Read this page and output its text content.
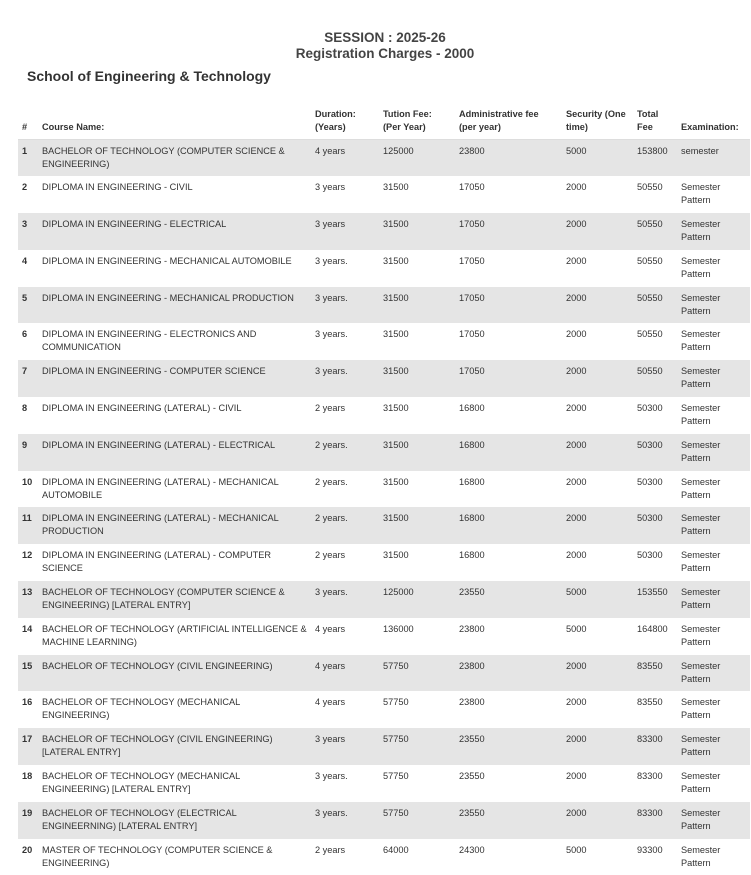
SESSION : 2025-26
Registration Charges - 2000
School of Engineering & Technology
#	Course Name:	Duration: (Years)	Tution Fee: (Per Year)	Administrative fee (per year)	Security (One time)	Total Fee	Examination:
1	BACHELOR OF TECHNOLOGY (COMPUTER SCIENCE & ENGINEERING)	4 years	125000	23800	5000	153800	semester
2	DIPLOMA IN ENGINEERING - CIVIL	3 years	31500	17050	2000	50550	Semester Pattern
3	DIPLOMA IN ENGINEERING - ELECTRICAL	3 years	31500	17050	2000	50550	Semester Pattern
4	DIPLOMA IN ENGINEERING - MECHANICAL AUTOMOBILE	3 years.	31500	17050	2000	50550	Semester Pattern
5	DIPLOMA IN ENGINEERING - MECHANICAL PRODUCTION	3 years.	31500	17050	2000	50550	Semester Pattern
6	DIPLOMA IN ENGINEERING - ELECTRONICS AND COMMUNICATION	3 years.	31500	17050	2000	50550	Semester Pattern
7	DIPLOMA IN ENGINEERING - COMPUTER SCIENCE	3 years.	31500	17050	2000	50550	Semester Pattern
8	DIPLOMA IN ENGINEERING (LATERAL) - CIVIL	2 years	31500	16800	2000	50300	Semester Pattern
9	DIPLOMA IN ENGINEERING (LATERAL) - ELECTRICAL	2 years.	31500	16800	2000	50300	Semester Pattern
10	DIPLOMA IN ENGINEERING (LATERAL) - MECHANICAL AUTOMOBILE	2 years.	31500	16800	2000	50300	Semester Pattern
11	DIPLOMA IN ENGINEERING (LATERAL) - MECHANICAL PRODUCTION	2 years.	31500	16800	2000	50300	Semester Pattern
12	DIPLOMA IN ENGINEERING (LATERAL) - COMPUTER SCIENCE	2 years	31500	16800	2000	50300	Semester Pattern
13	BACHELOR OF TECHNOLOGY (COMPUTER SCIENCE & ENGINEERING) [LATERAL ENTRY]	3 years.	125000	23550	5000	153550	Semester Pattern
14	BACHELOR OF TECHNOLOGY (ARTIFICIAL INTELLIGENCE & MACHINE LEARNING)	4 years	136000	23800	5000	164800	Semester Pattern
15	BACHELOR OF TECHNOLOGY (CIVIL ENGINEERING)	4 years	57750	23800	2000	83550	Semester Pattern
16	BACHELOR OF TECHNOLOGY (MECHANICAL ENGINEERING)	4 years	57750	23800	2000	83550	Semester Pattern
17	BACHELOR OF TECHNOLOGY (CIVIL ENGINEERING) [LATERAL ENTRY]	3 years	57750	23550	2000	83300	Semester Pattern
18	BACHELOR OF TECHNOLOGY (MECHANICAL ENGINEERING) [LATERAL ENTRY]	3 years.	57750	23550	2000	83300	Semester Pattern
19	BACHELOR OF TECHNOLOGY (ELECTRICAL ENGINEERNING) [LATERAL ENTRY]	3 years.	57750	23550	2000	83300	Semester Pattern
20	MASTER OF TECHNOLOGY (COMPUTER SCIENCE & ENGINEERING)	2 years	64000	24300	5000	93300	Semester Pattern
